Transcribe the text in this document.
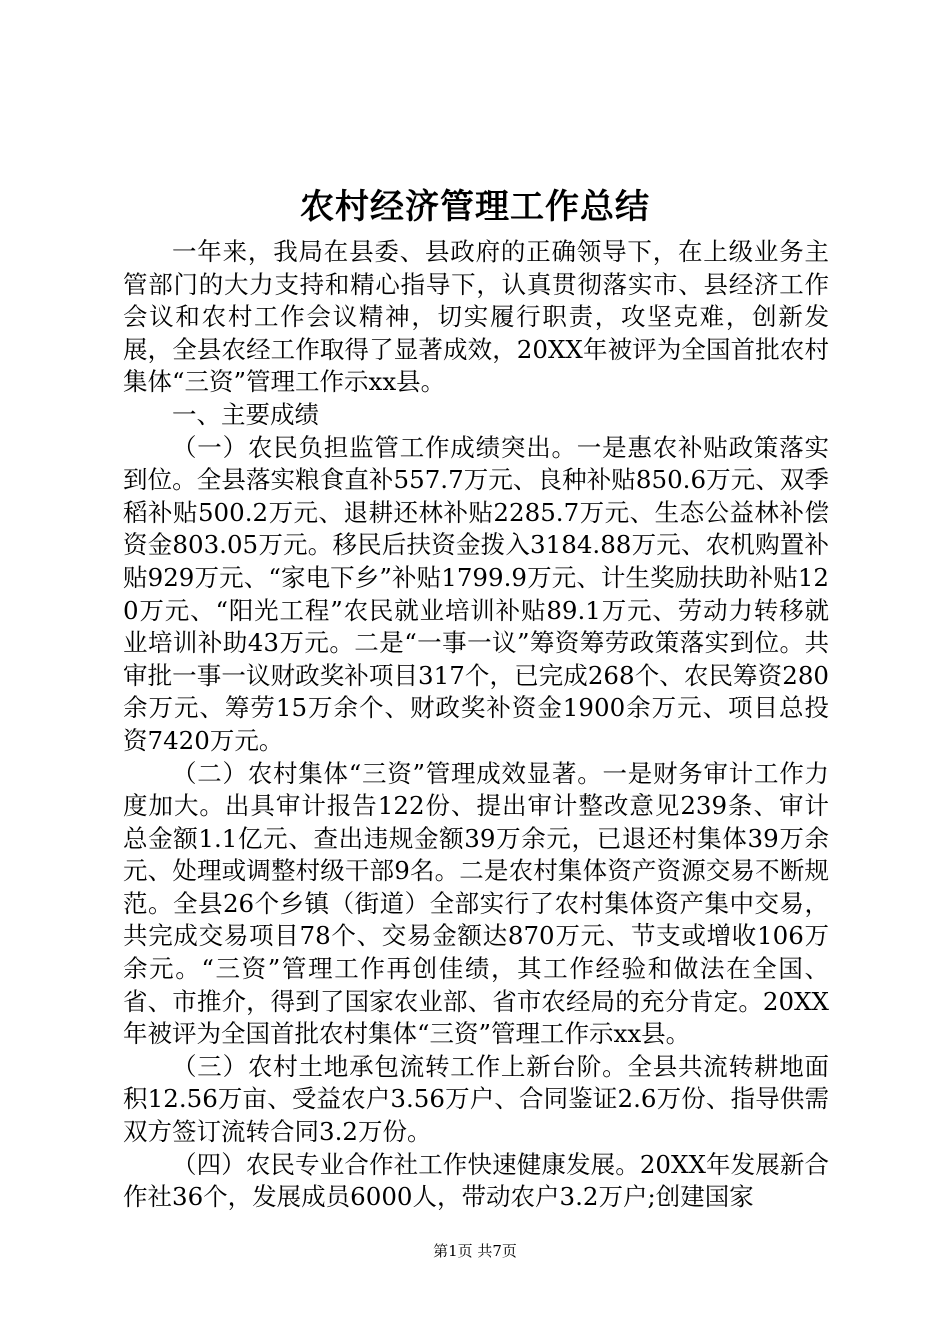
农村经济管理工作总结

一年来，我局在县委、县政府的正确领导下，在上级业务主管部门的大力支持和精心指导下，认真贯彻落实市、县经济工作会议和农村工作会议精神，切实履行职责，攻坚克难，创新发展，全县农经工作取得了显著成效，20XX年被评为全国首批农村集体“三资”管理工作示xx县。

一、主要成绩

（一）农民负担监管工作成绩突出。一是惠农补贴政策落实到位。全县落实粮食直补557.7万元、良种补贴850.6万元、双季稻补贴500.2万元、退耕还林补贴2285.7万元、生态公益林补偿资金803.05万元。移民后扶资金拨入3184.88万元、农机购置补贴929万元、“家电下乡”补贴1799.9万元、计生奖励扶助补贴120万元、“阳光工程”农民就业培训补贴89.1万元、劳动力转移就业培训补助43万元。二是“一事一议”筹资筹劳政策落实到位。共审批一事一议财政奖补项目317个，已完成268个、农民筹资280余万元、筹劳15万余个、财政奖补资金1900余万元、项目总投资7420万元。

（二）农村集体“三资”管理成效显著。一是财务审计工作力度加大。出具审计报告122份、提出审计整改意见239条、审计总金额1.1亿元、查出违规金额39万余元，已退还村集体39万余元、处理或调整村级干部9名。二是农村集体资产资源交易不断规范。全县26个乡镇（街道）全部实行了农村集体资产集中交易，共完成交易项目78个、交易金额达870万元、节支或增收106万余元。“三资”管理工作再创佳绩，其工作经验和做法在全国、省、市推介，得到了国家农业部、省市农经局的充分肯定。20XX年被评为全国首批农村集体“三资”管理工作示xx县。

（三）农村土地承包流转工作上新台阶。全县共流转耕地面积12.56万亩、受益农户3.56万户、合同鉴证2.6万份、指导供需双方签订流转合同3.2万份。

（四）农民专业合作社工作快速健康发展。20XX年发展新合作社36个，发展成员6000人，带动农户3.2万户;创建国家

第1页 共7页
